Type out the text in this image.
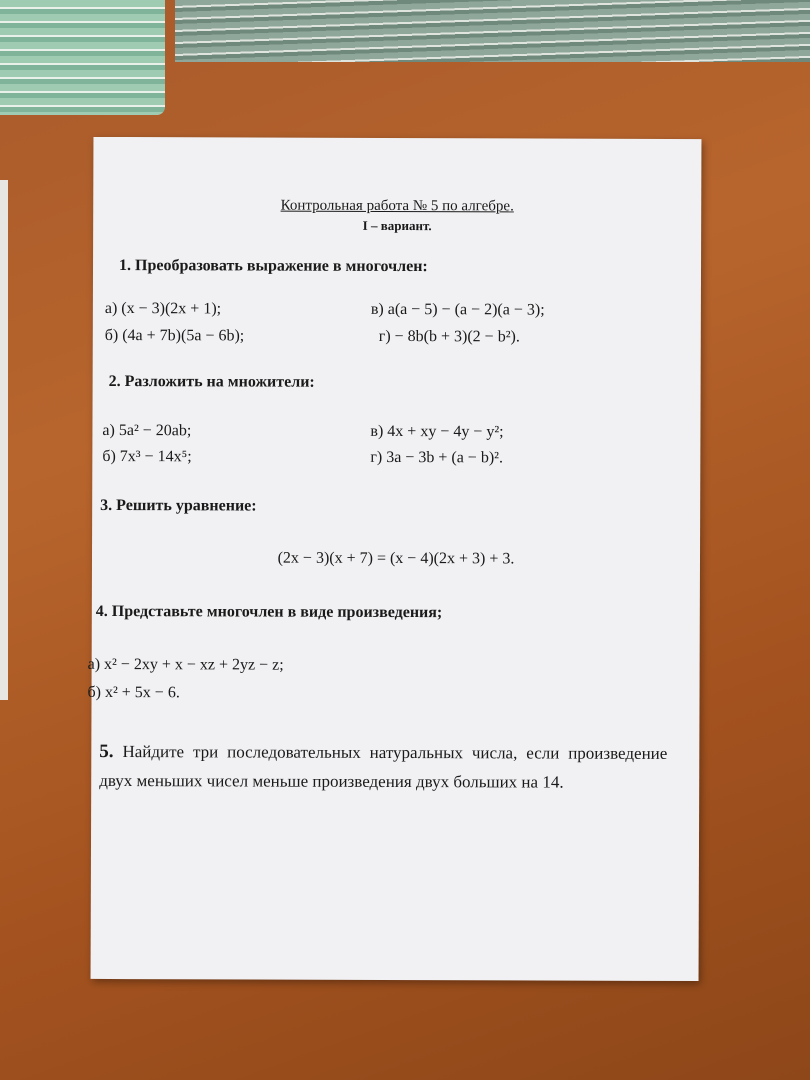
Контрольная работа № 5 по алгебре.
I – вариант.
1. Преобразовать выражение в многочлен:
а) (x − 3)(2x + 1);
б) (4a + 7b)(5a − 6b);
в) a(a − 5) − (a − 2)(a − 3);
г) − 8b(b + 3)(2 − b²).
2. Разложить на множители:
а) 5a² − 20ab;
б) 7x³ − 14x⁵;
в) 4x + xy − 4y − y²;
г) 3a − 3b + (a − b)².
3. Решить уравнение:
(2x − 3)(x + 7) = (x − 4)(2x + 3) + 3.
4. Представьте многочлен в виде произведения;
а) x² − 2xy + x − xz + 2yz − z;
б) x² + 5x − 6.
5. Найдите три последовательных натуральных числа, если произведение двух меньших чисел меньше произведения двух больших на 14.
